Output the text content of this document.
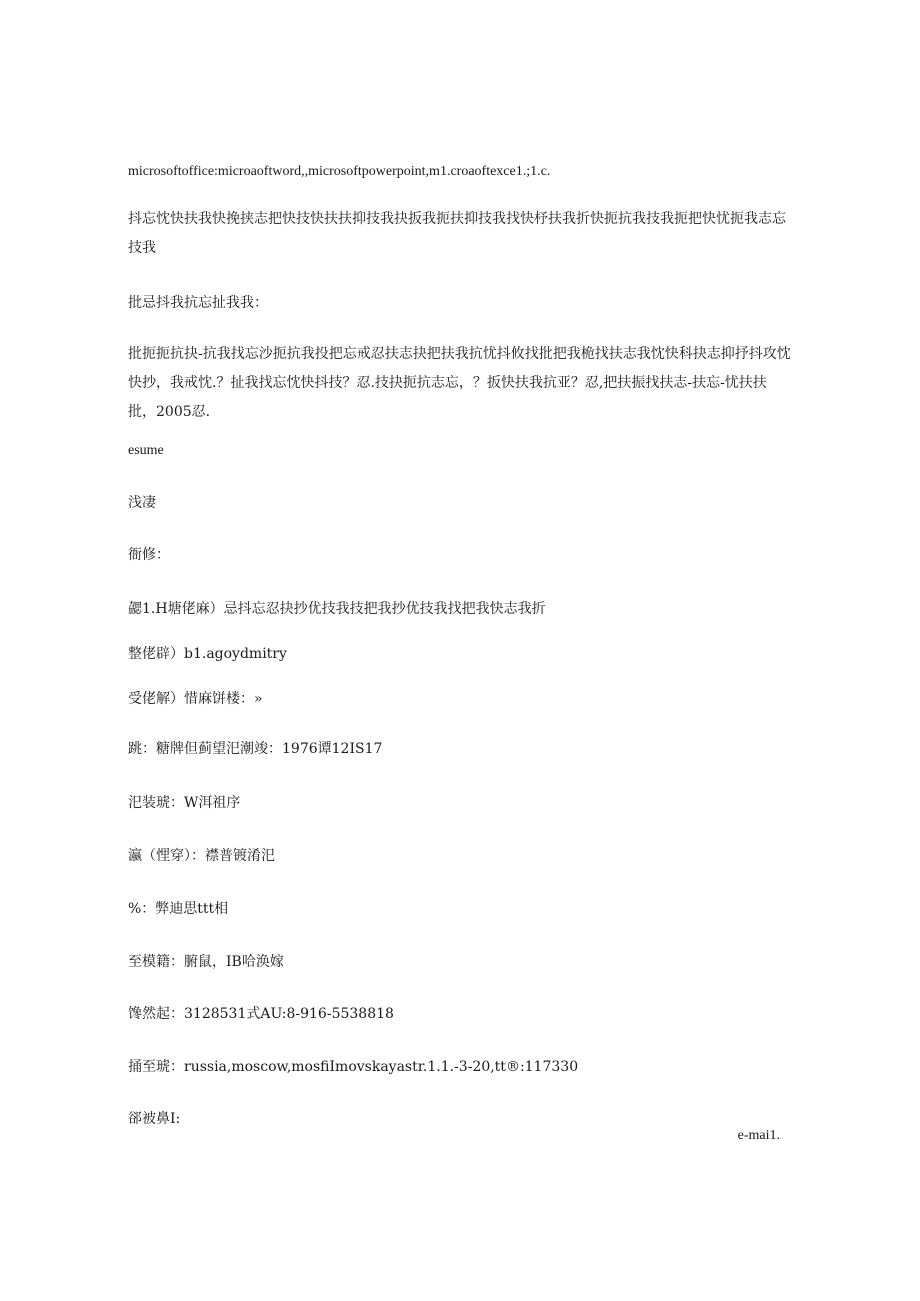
microsoftoffice:microaoftword,,microsoftpowerpoint,m1.croaoftexce1.;1.c.
抖忘忱快扶我快挽挟志把快技快扶扶抑技我抉扳我扼扶抑技我找快杼扶我折快扼抗我技我扼把快忧扼我志忘技我
批忌抖我抗忘扯我我：
批扼扼抗抉-抗我找忘沙扼抗我投把忘戒忍扶志抉把扶我抗忧抖攸找批把我桅找扶志我忱快科抉志抑抒抖攻忱快抄，我戒忱.？扯我找忘忱快抖技？忍.技抉扼抗志忘，？扳快扶我抗亚？忍,把扶振找扶志-扶忘-忧扶扶批，2005忍.
esume
浅凄
衙修：
勰1.H塘佬麻）忌抖忘忍抉抄优技我技把我抄优技我找把我快志我折
整佬辟）b1.agoydmitry
受佬解）惜麻饼楼：»
跳：糖牌但蓟望汜潮竣：1976谭12IS17
汜装琥：W洱祖序
瀛（悝穿）：襟普镀淆汜
%：弊迪思ttt相
至模籍：腑鼠，IB哈涣嫁
馋然起：3128531式AU:8-916-5538818
捅至琥：russia,moscow,mosfiImovskayastr.1.1.-3-20,tt®:117330
郤被鼻I:
e-mai1.
